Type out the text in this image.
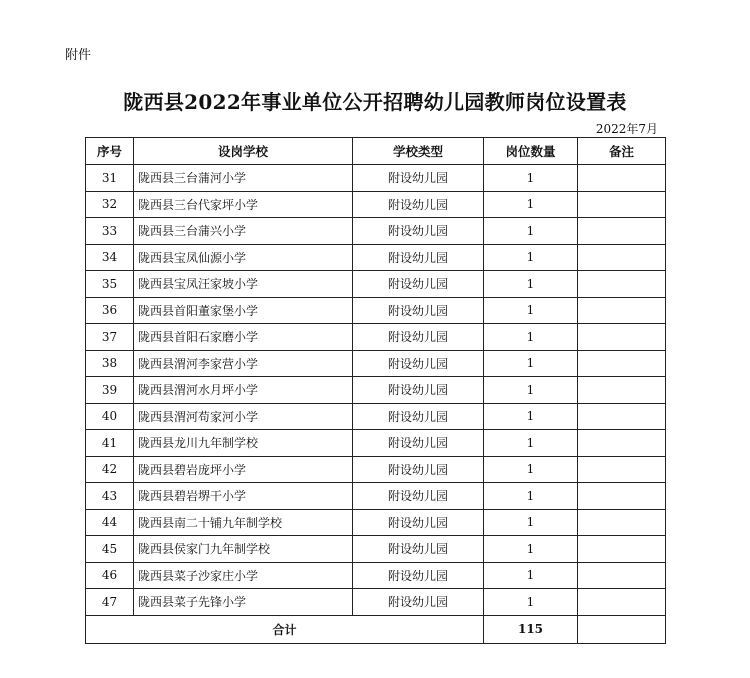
附件
陇西县2022年事业单位公开招聘幼儿园教师岗位设置表
2022年7月
序号	设岗学校	学校类型	岗位数量	备注
31	陇西县三台蒲河小学	附设幼儿园	1	
32	陇西县三台代家坪小学	附设幼儿园	1	
33	陇西县三台蒲兴小学	附设幼儿园	1	
34	陇西县宝凤仙源小学	附设幼儿园	1	
35	陇西县宝凤汪家坡小学	附设幼儿园	1	
36	陇西县首阳董家堡小学	附设幼儿园	1	
37	陇西县首阳石家磨小学	附设幼儿园	1	
38	陇西县渭河李家营小学	附设幼儿园	1	
39	陇西县渭河水月坪小学	附设幼儿园	1	
40	陇西县渭河苟家河小学	附设幼儿园	1	
41	陇西县龙川九年制学校	附设幼儿园	1	
42	陇西县碧岩庞坪小学	附设幼儿园	1	
43	陇西县碧岩堺干小学	附设幼儿园	1	
44	陇西县南二十铺九年制学校	附设幼儿园	1	
45	陇西县侯家门九年制学校	附设幼儿园	1	
46	陇西县菜子沙家庄小学	附设幼儿园	1	
47	陇西县菜子先锋小学	附设幼儿园	1	
合计			115	
